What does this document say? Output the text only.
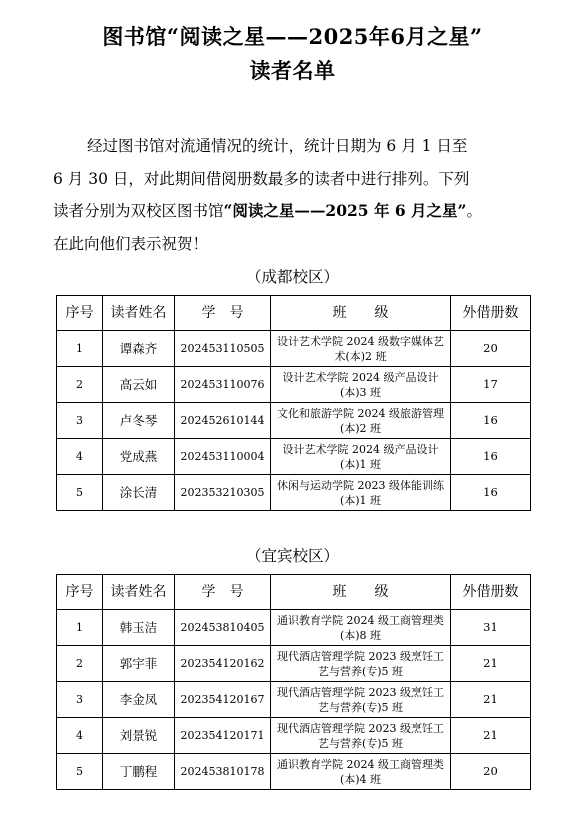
图书馆“阅读之星——2025年6月之星”
读者名单
经过图书馆对流通情况的统计，统计日期为 6 月 1 日至
6 月 30 日，对此期间借阅册数最多的读者中进行排列。下列
读者分别为双校区图书馆“阅读之星——2025 年 6 月之星”。
在此向他们表示祝贺！
（成都校区）
序号	读者姓名	学　号	班　　级	外借册数
1	谭森齐	202453110505	设计艺术学院 2024 级数字媒体艺术(本)2 班	20
2	高云如	202453110076	设计艺术学院 2024 级产品设计(本)3 班	17
3	卢冬琴	202452610144	文化和旅游学院 2024 级旅游管理(本)2 班	16
4	党成燕	202453110004	设计艺术学院 2024 级产品设计(本)1 班	16
5	涂长清	202353210305	休闲与运动学院 2023 级体能训练(本)1 班	16
（宜宾校区）
序号	读者姓名	学　号	班　　级	外借册数
1	韩玉洁	202453810405	通识教育学院 2024 级工商管理类(本)8 班	31
2	郭宇菲	202354120162	现代酒店管理学院 2023 级烹饪工艺与营养(专)5 班	21
3	李金凤	202354120167	现代酒店管理学院 2023 级烹饪工艺与营养(专)5 班	21
4	刘景锐	202354120171	现代酒店管理学院 2023 级烹饪工艺与营养(专)5 班	21
5	丁鹏程	202453810178	通识教育学院 2024 级工商管理类(本)4 班	20
